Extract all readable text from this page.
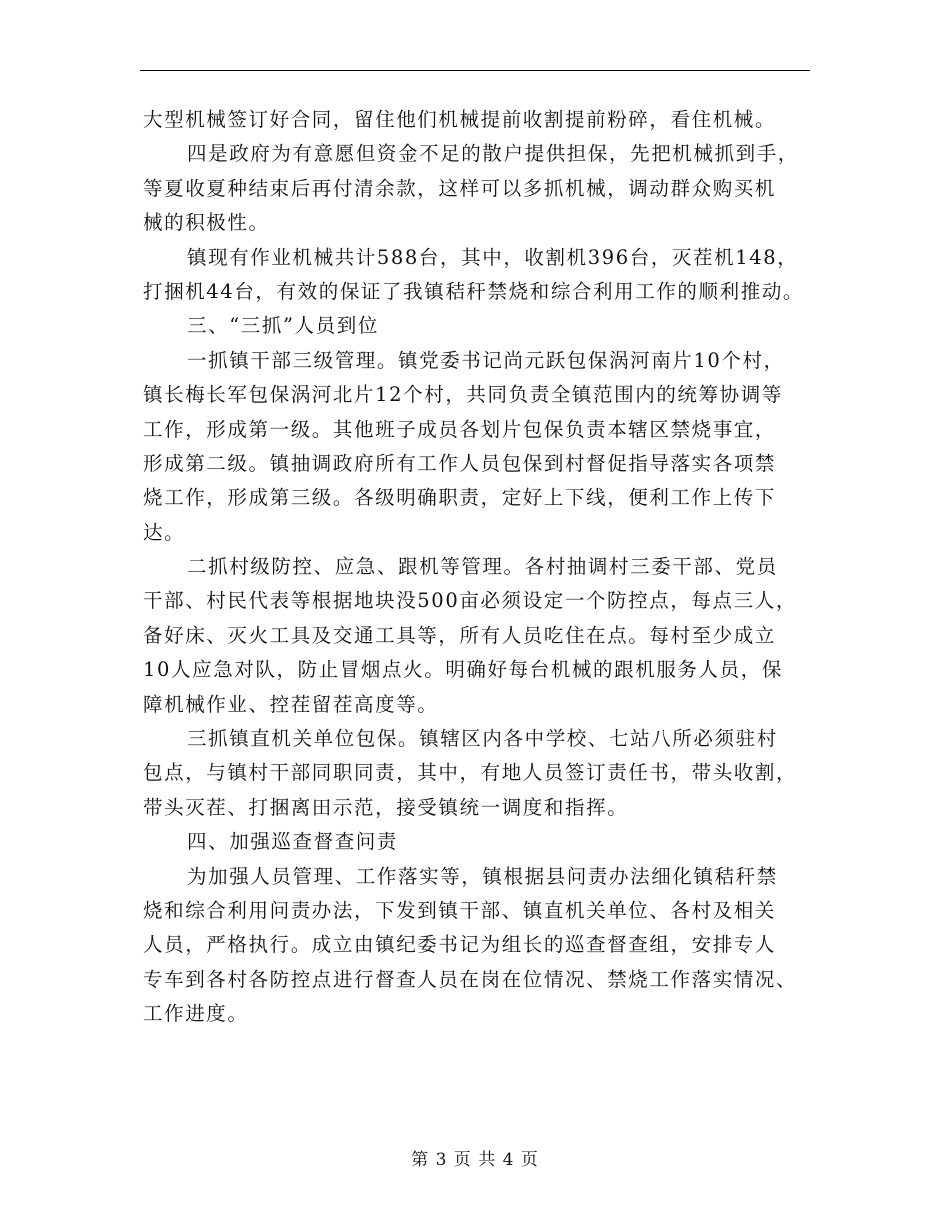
大型机械签订好合同，留住他们机械提前收割提前粉碎，看住机械。
四是政府为有意愿但资金不足的散户提供担保，先把机械抓到手，
等夏收夏种结束后再付清余款，这样可以多抓机械，调动群众购买机
械的积极性。
镇现有作业机械共计588台，其中，收割机396台，灭茬机148，
打捆机44台，有效的保证了我镇秸秆禁烧和综合利用工作的顺利推动。
三、“三抓”人员到位
一抓镇干部三级管理。镇党委书记尚元跃包保涡河南片10个村，
镇长梅长军包保涡河北片12个村，共同负责全镇范围内的统筹协调等
工作，形成第一级。其他班子成员各划片包保负责本辖区禁烧事宜，
形成第二级。镇抽调政府所有工作人员包保到村督促指导落实各项禁
烧工作，形成第三级。各级明确职责，定好上下线，便利工作上传下
达。
二抓村级防控、应急、跟机等管理。各村抽调村三委干部、党员
干部、村民代表等根据地块没500亩必须设定一个防控点，每点三人，
备好床、灭火工具及交通工具等，所有人员吃住在点。每村至少成立
10人应急对队，防止冒烟点火。明确好每台机械的跟机服务人员，保
障机械作业、控茬留茬高度等。
三抓镇直机关单位包保。镇辖区内各中学校、七站八所必须驻村
包点，与镇村干部同职同责，其中，有地人员签订责任书，带头收割，
带头灭茬、打捆离田示范，接受镇统一调度和指挥。
四、加强巡查督查问责
为加强人员管理、工作落实等，镇根据县问责办法细化镇秸秆禁
烧和综合利用问责办法，下发到镇干部、镇直机关单位、各村及相关
人员，严格执行。成立由镇纪委书记为组长的巡查督查组，安排专人
专车到各村各防控点进行督查人员在岗在位情况、禁烧工作落实情况、
工作进度。
第 3 页 共 4 页
